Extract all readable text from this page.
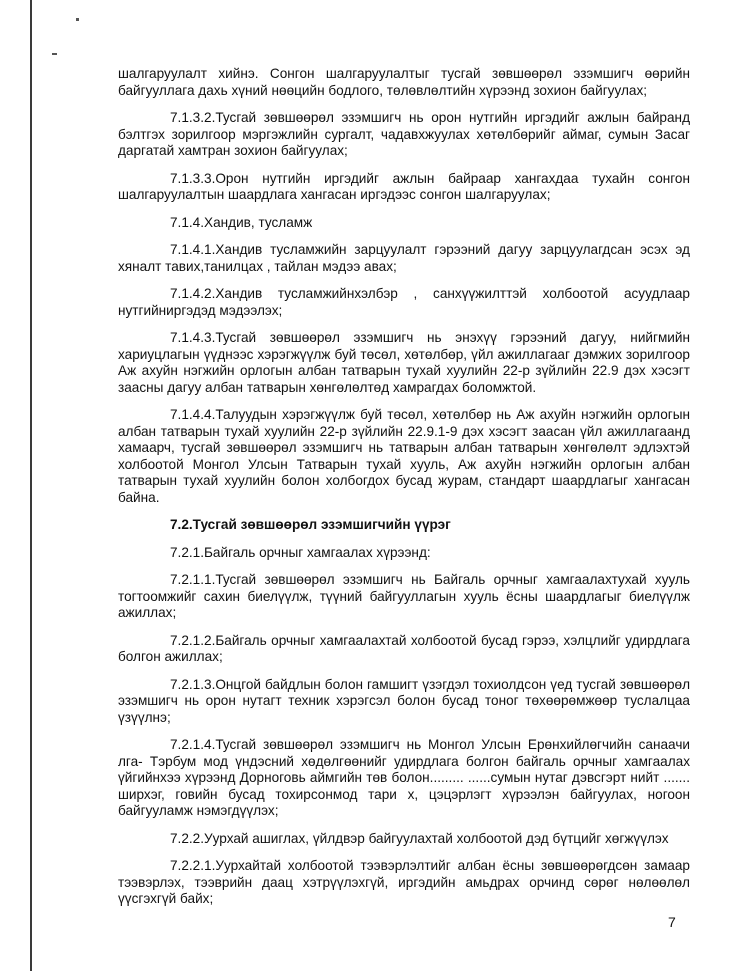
шалгаруулалт хийнэ. Сонгон шалгаруулалтыг тусгай зөвшөөрөл эзэмшигч өөрийн байгууллага дахь хүний нөөцийн бодлого, төлөвлөлтийн хүрээнд зохион байгуулах;

7.1.3.2.Тусгай зөвшөөрөл эзэмшигч нь орон нутгийн иргэдийг ажлын байранд бэлтгэх зорилгоор мэргэжлийн сургалт, чадавхжуулах хөтөлбөрийг аймаг, сумын Засаг даргатай хамтран зохион байгуулах;

7.1.3.3.Орон нутгийн иргэдийг ажлын байраар хангахдаа тухайн сонгон шалгаруулалтын шаардлага хангасан иргэдээс сонгон шалгаруулах;

7.1.4.Хандив, тусламж

7.1.4.1.Хандив тусламжийн зарцуулалт гэрээний дагуу зарцуулагдсан эсэх эд хяналт тавих,танилцах , тайлан мэдээ авах;

7.1.4.2.Хандив тусламжийнхэлбэр , санхүүжилттэй холбоотой асуудлаар нутгийниргэдэд мэдээлэх;

7.1.4.3.Тусгай зөвшөөрөл эзэмшигч нь энэхүү гэрээний дагуу, нийгмийн хариуцлагын үүднээс хэрэгжүүлж буй төсөл, хөтөлбөр, үйл ажиллагааг дэмжих зорилгоор Аж ахуйн нэгжийн орлогын албан татварын тухай хуулийн 22-р зүйлийн 22.9 дэх хэсэгт заасны дагуу албан татварын хөнгөлөлтөд хамрагдах боломжтой.

7.1.4.4.Талуудын хэрэгжүүлж буй төсөл, хөтөлбөр нь Аж ахуйн нэгжийн орлогын албан татварын тухай хуулийн 22-р зүйлийн 22.9.1-9 дэх хэсэгт заасан үйл ажиллагаанд хамаарч, тусгай зөвшөөрөл эзэмшигч нь татварын албан татварын хөнгөлөлт эдлэхтэй холбоотой Монгол Улсын Татварын тухай хууль, Аж ахуйн нэгжийн орлогын албан татварын тухай хуулийн болон холбогдох бусад журам, стандарт шаардлагыг хангасан байна.

7.2.Тусгай зөвшөөрөл эзэмшигчийн үүрэг

7.2.1.Байгаль орчныг хамгаалах хүрээнд:

7.2.1.1.Тусгай зөвшөөрөл эзэмшигч нь Байгаль орчныг хамгаалахтухай хууль тогтоомжийг сахин биелүүлж, түүний байгууллагын хууль ёсны шаардлагыг биелүүлж ажиллах;

7.2.1.2.Байгаль орчныг хамгаалахтай холбоотой бусад гэрээ, хэлцлийг удирдлага болгон ажиллах;

7.2.1.3.Онцгой байдлын болон гамшигт үзэгдэл тохиолдсон үед тусгай зөвшөөрөл эзэмшигч нь орон нутагт техник хэрэгсэл болон бусад тоног төхөөрөмжөөр туслалцаа үзүүлнэ;

7.2.1.4.Тусгай зөвшөөрөл эзэмшигч нь Монгол Улсын Ерөнхийлөгчийн санаачи лга- Тэрбум мод үндэсний хөдөлгөөнийг удирдлага болгон байгаль орчныг хамгаалах үйгийнхээ хүрээнд Дорноговь аймгийн төв болон......... ......сумын нутаг дэвсгэрт нийт ....... ширхэг, говийн бусад тохирсонмод тари х, цэцэрлэгт хүрээлэн байгуулах, ногоон байгууламж нэмэгдүүлэх;

7.2.2.Уурхай ашиглах, үйлдвэр байгуулахтай холбоотой дэд бүтцийг хөгжүүлэх

7.2.2.1.Уурхайтай холбоотой тээвэрлэлтийг албан ёсны зөвшөөрөгдсөн замаар тээвэрлэх, тээврийн даац хэтрүүлэхгүй, иргэдийн амьдрах орчинд сөрөг нөлөөлөл үүсгэхгүй байх;

7
